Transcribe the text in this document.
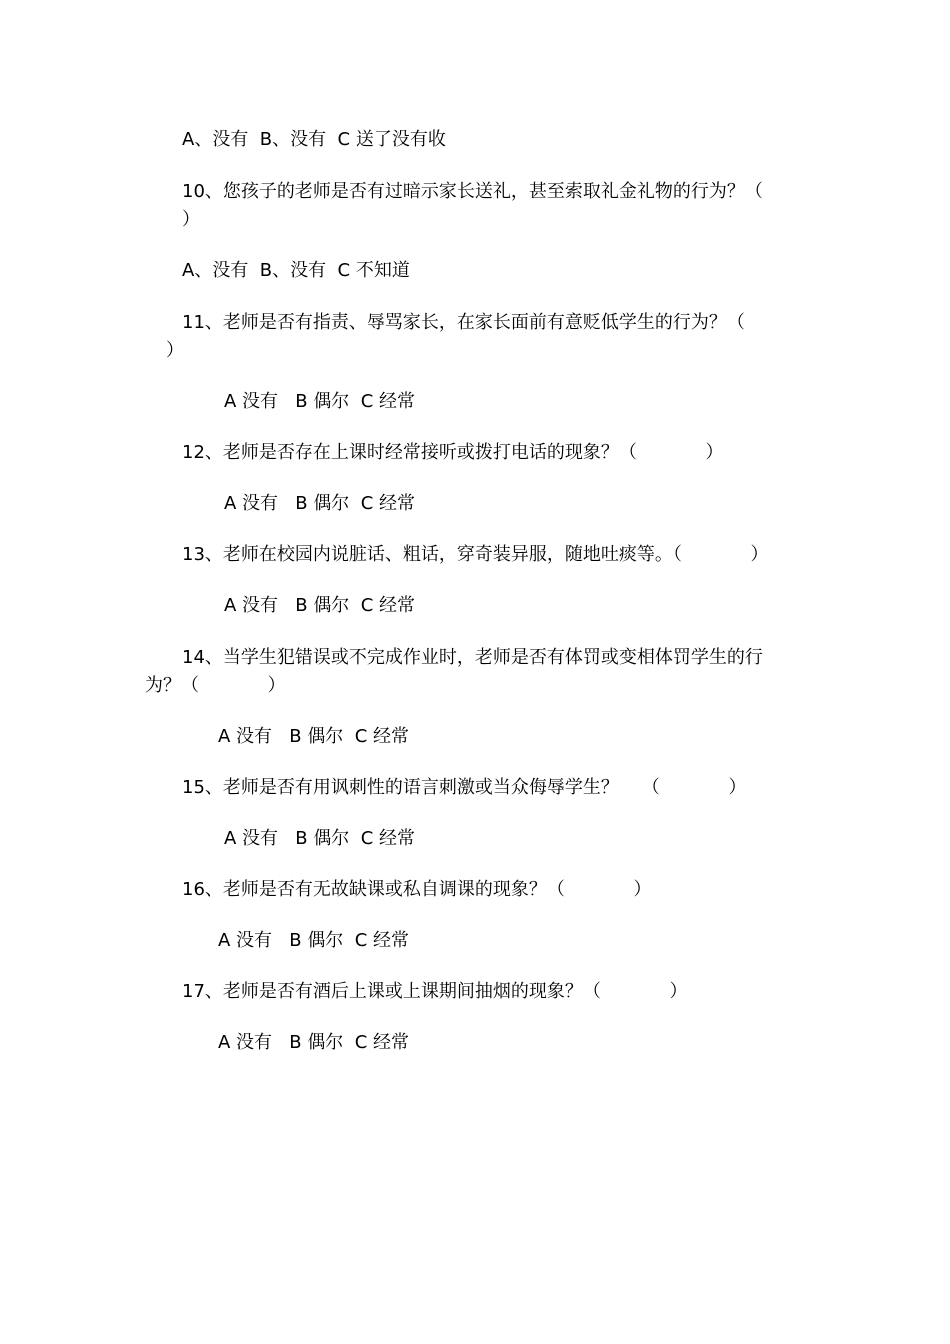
A、没有  B、没有  C 送了没有收
10、您孩子的老师是否有过暗示家长送礼，甚至索取礼金礼物的行为？（
）
A、没有  B、没有  C 不知道
11、老师是否有指责、辱骂家长，在家长面前有意贬低学生的行为？（
）
A 没有   B 偶尔  C 经常
12、老师是否存在上课时经常接听或拨打电话的现象？（            ）
A 没有   B 偶尔  C 经常
13、老师在校园内说脏话、粗话，穿奇装异服，随地吐痰等。（            ）
A 没有   B 偶尔  C 经常
14、当学生犯错误或不完成作业时，老师是否有体罚或变相体罚学生的行
为？（            ）
A 没有   B 偶尔  C 经常
15、老师是否有用讽刺性的语言刺激或当众侮辱学生？    （            ）
A 没有   B 偶尔  C 经常
16、老师是否有无故缺课或私自调课的现象？（            ）
A 没有   B 偶尔  C 经常
17、老师是否有酒后上课或上课期间抽烟的现象？（            ）
A 没有   B 偶尔  C 经常
